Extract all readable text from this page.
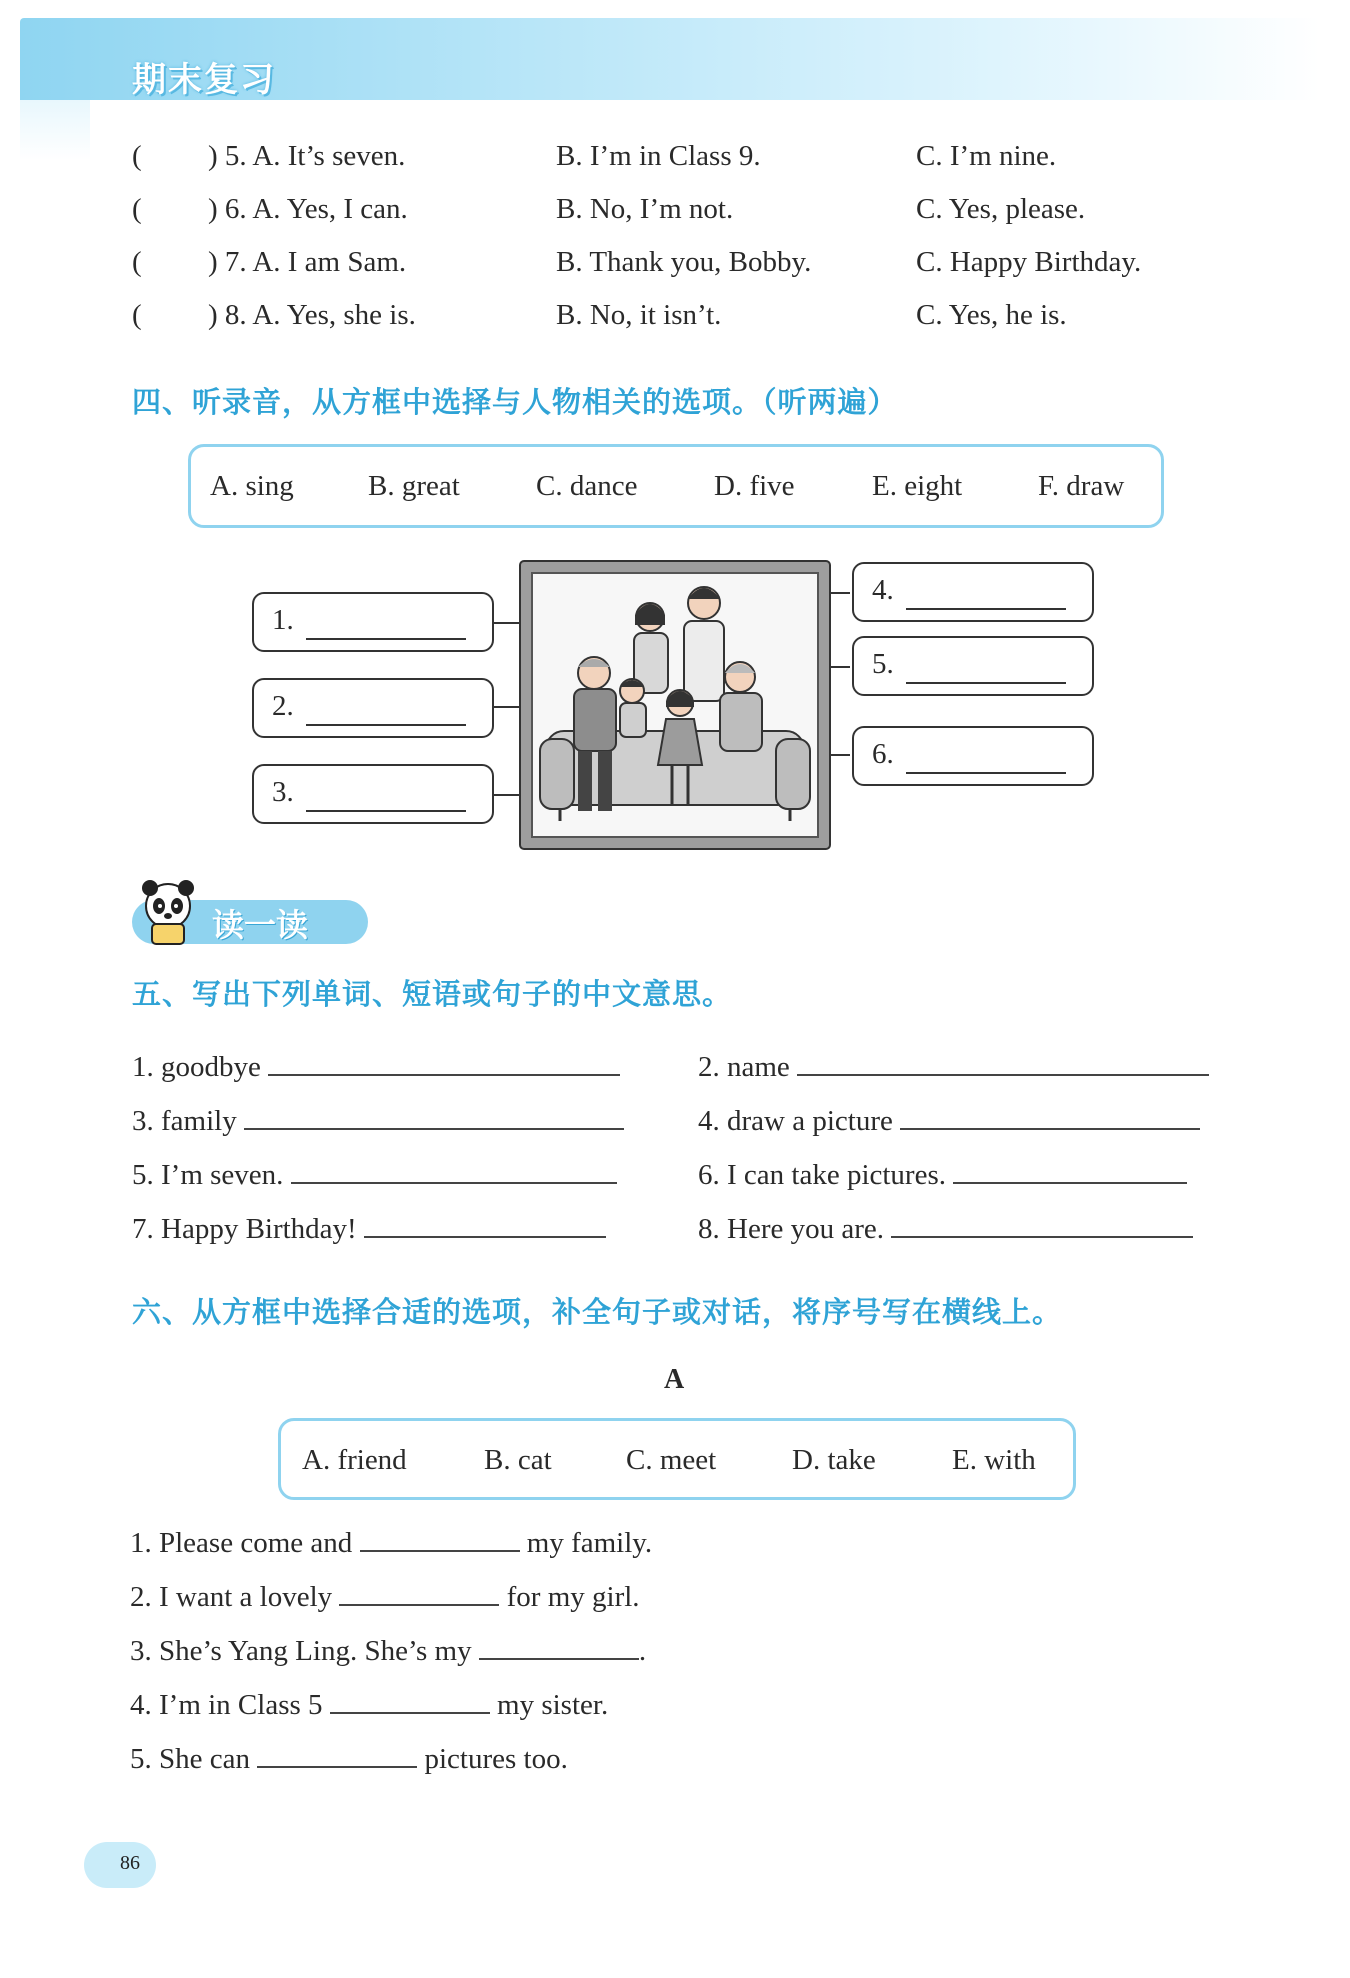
期末复习
( ) 5. A. It’s seven.	B. I’m in Class 9.	C. I’m nine.
( ) 6. A. Yes, I can.	B. No, I’m not.	C. Yes, please.
( ) 7. A. I am Sam.	B. Thank you, Bobby.	C. Happy Birthday.
( ) 8. A. Yes, she is.	B. No, it isn’t.	C. Yes, he is.
四、听录音，从方框中选择与人物相关的选项。（听两遍）
A. sing	B. great	C. dance	D. five	E. eight	F. draw
1.
2.
3.
4.
5.
6.
读一读
五、写出下列单词、短语或句子的中文意思。
1. goodbye	2. name
3. family	4. draw a picture
5. I’m seven.	6. I can take pictures.
7. Happy Birthday!	8. Here you are.
六、从方框中选择合适的选项，补全句子或对话，将序号写在横线上。
A
A. friend	B. cat	C. meet	D. take	E. with
1. Please come and	my family.
2. I want a lovely	for my girl.
3. She’s Yang Ling. She’s my	.
4. I’m in Class 5	my sister.
5. She can	pictures too.
86
